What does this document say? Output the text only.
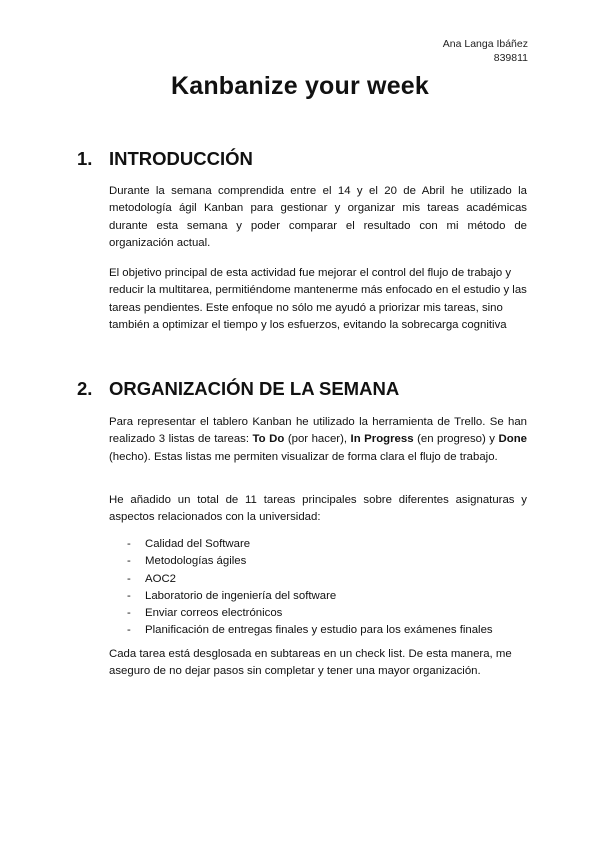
Ana Langa Ibáñez
839811
Kanbanize your week
1. INTRODUCCIÓN

Durante la semana comprendida entre el 14 y el 20 de Abril he utilizado la metodología ágil Kanban para gestionar y organizar mis tareas académicas durante esta semana y poder comparar el resultado con mi método de organización actual.

El objetivo principal de esta actividad fue mejorar el control del flujo de trabajo y reducir la multitarea, permitiéndome mantenerme más enfocado en el estudio y las tareas pendientes. Este enfoque no sólo me ayudó a priorizar mis tareas, sino también a optimizar el tiempo y los esfuerzos, evitando la sobrecarga cognitiva

2. ORGANIZACIÓN DE LA SEMANA

Para representar el tablero Kanban he utilizado la herramienta de Trello. Se han realizado 3 listas de tareas: To Do (por hacer), In Progress (en progreso) y Done (hecho). Estas listas me permiten visualizar de forma clara el flujo de trabajo.

He añadido un total de 11 tareas principales sobre diferentes asignaturas y aspectos relacionados con la universidad:

- Calidad del Software
- Metodologías ágiles
- AOC2
- Laboratorio de ingeniería del software
- Enviar correos electrónicos
- Planificación de entregas finales y estudio para los exámenes finales

Cada tarea está desglosada en subtareas en un check list. De esta manera, me aseguro de no dejar pasos sin completar y tener una mayor organización.
